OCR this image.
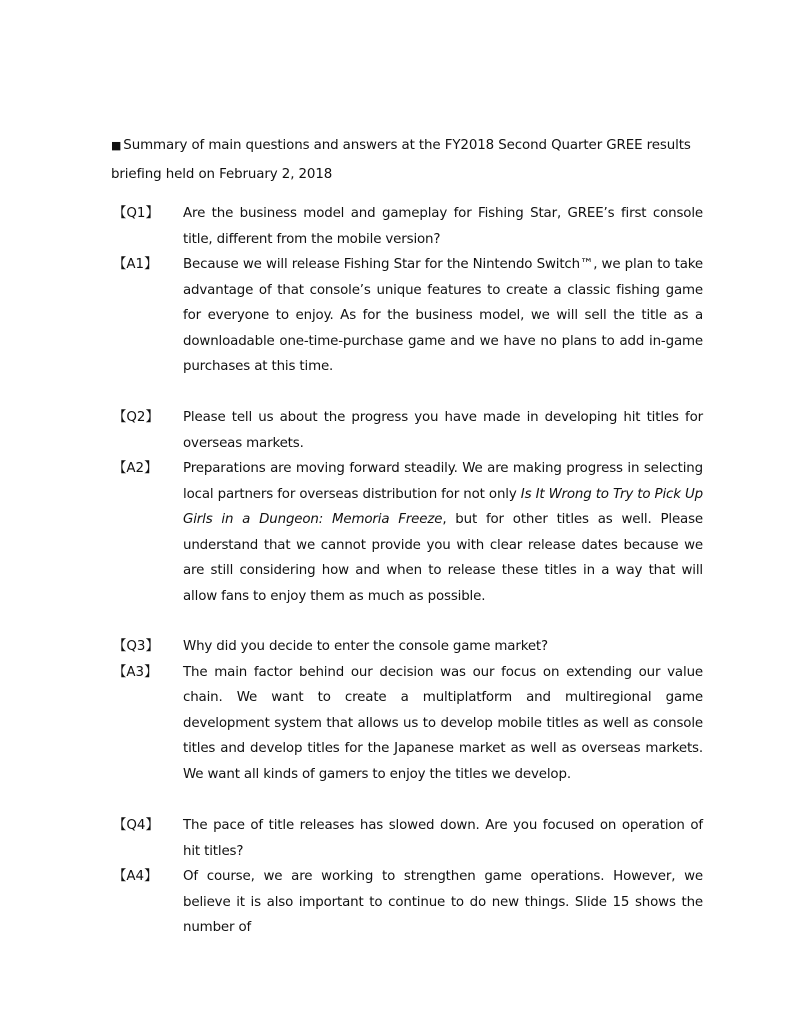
■ Summary of main questions and answers at the FY2018 Second Quarter GREE results briefing held on February 2, 2018
【Q1】 Are the business model and gameplay for Fishing Star, GREE’s first console title, different from the mobile version?
【A1】 Because we will release Fishing Star for the Nintendo Switch™, we plan to take advantage of that console’s unique features to create a classic fishing game for everyone to enjoy. As for the business model, we will sell the title as a downloadable one-time-purchase game and we have no plans to add in-game purchases at this time.
【Q2】 Please tell us about the progress you have made in developing hit titles for overseas markets.
【A2】 Preparations are moving forward steadily. We are making progress in selecting local partners for overseas distribution for not only Is It Wrong to Try to Pick Up Girls in a Dungeon: Memoria Freeze, but for other titles as well. Please understand that we cannot provide you with clear release dates because we are still considering how and when to release these titles in a way that will allow fans to enjoy them as much as possible.
【Q3】 Why did you decide to enter the console game market?
【A3】 The main factor behind our decision was our focus on extending our value chain. We want to create a multiplatform and multiregional game development system that allows us to develop mobile titles as well as console titles and develop titles for the Japanese market as well as overseas markets. We want all kinds of gamers to enjoy the titles we develop.
【Q4】 The pace of title releases has slowed down. Are you focused on operation of hit titles?
【A4】 Of course, we are working to strengthen game operations. However, we believe it is also important to continue to do new things. Slide 15 shows the number of
